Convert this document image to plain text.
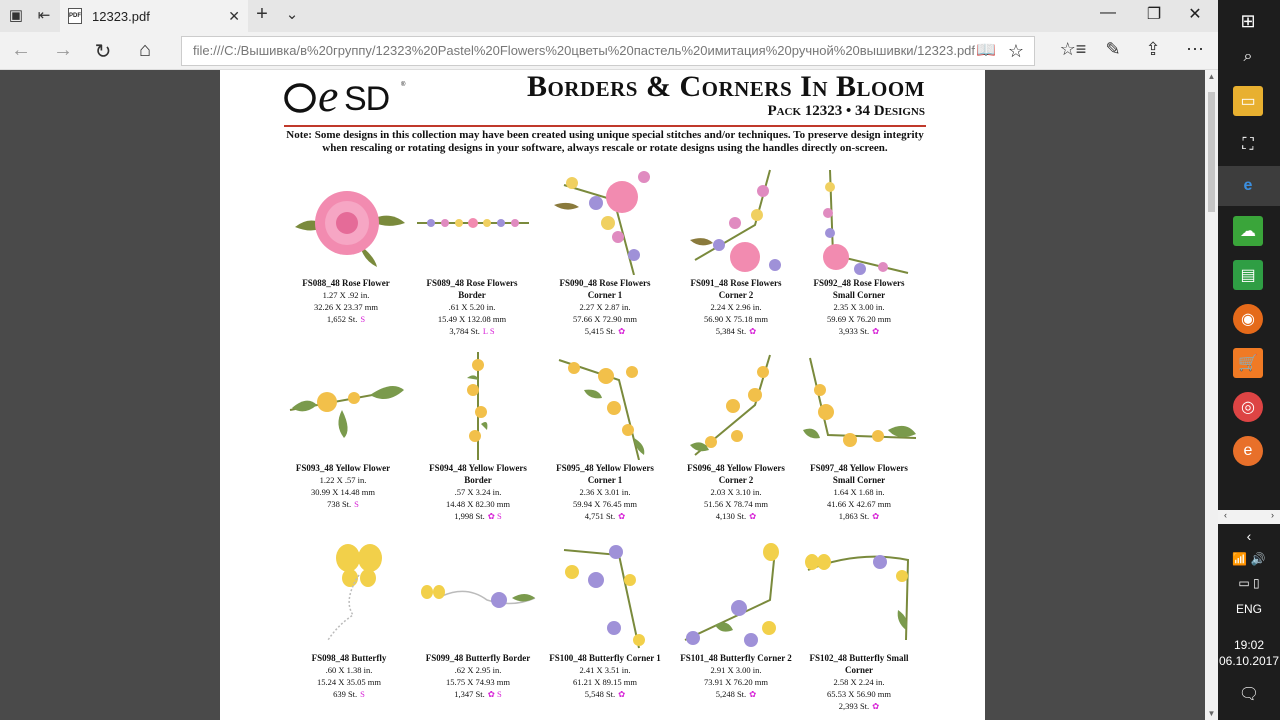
▣ ⇤	PDF 12323.pdf	✕ + ⌄	—	❐	✕
← →	↻	⌂	file:///C:/Вышивка/в%20группу/12323%20Pastel%20Flowers%20цветы%20пастель%20имитация%20ручной%20вышивки/12323.pdf 📖 ☆ ☆≡	✎	⇪	⋯
e SD ®	Borders & Corners In Bloom
Pack 12323 • 34 Designs
Note: Some designs in this collection may have been created using unique special stitches and/or techniques. To preserve design integrity when rescaling or rotating designs in your software, always rescale or rotate designs using the handles directly on-screen.
FS088_48 Rose Flower
1.27 X .92 in.
32.26 X 23.37 mm
1,652 St. S
FS089_48 Rose Flowers
Border
.61 X 5.20 in.
15.49 X 132.08 mm
3,784 St. L S
FS090_48 Rose Flowers
Corner 1
2.27 X 2.87 in.
57.66 X 72.90 mm
5,415 St. ✿
FS091_48 Rose Flowers
Corner 2
2.24 X 2.96 in.
56.90 X 75.18 mm
5,384 St. ✿
FS092_48 Rose Flowers
Small Corner
2.35 X 3.00 in.
59.69 X 76.20 mm
3,933 St. ✿
FS093_48 Yellow Flower
1.22 X .57 in.
30.99 X 14.48 mm
738 St. S
FS094_48 Yellow Flowers
Border
.57 X 3.24 in.
14.48 X 82.30 mm
1,998 St. ✿ S
FS095_48 Yellow Flowers
Corner 1
2.36 X 3.01 in.
59.94 X 76.45 mm
4,751 St. ✿
FS096_48 Yellow Flowers
Corner 2
2.03 X 3.10 in.
51.56 X 78.74 mm
4,130 St. ✿
FS097_48 Yellow Flowers
Small Corner
1.64 X 1.68 in.
41.66 X 42.67 mm
1,863 St. ✿
FS098_48 Butterfly
.60 X 1.38 in.
15.24 X 35.05 mm
639 St. S
FS099_48 Butterfly Border
.62 X 2.95 in.
15.75 X 74.93 mm
1,347 St. ✿ S
FS100_48 Butterfly Corner 1
2.41 X 3.51 in.
61.21 X 89.15 mm
5,548 St. ✿
FS101_48 Butterfly Corner 2
2.91 X 3.00 in.
73.91 X 76.20 mm
5,248 St. ✿
FS102_48 Butterfly Small
Corner
2.58 X 2.24 in.
65.53 X 56.90 mm
2,393 St. ✿
▲
▼
⊞
⌕
▭
⛶
e
☁
▤
◉
🛒
◎
e
‹	›
‹
📶 🔊
▭ ▯
ENG
19:02
06.10.2017
🗨
